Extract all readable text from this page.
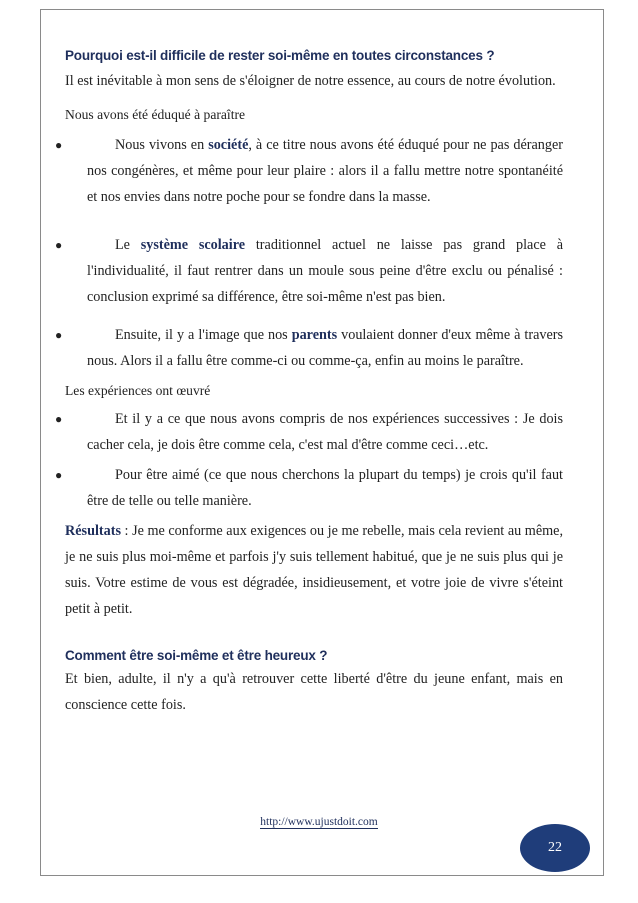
Pourquoi est-il difficile de rester soi-même en toutes circonstances ?

Il est inévitable à mon sens de s'éloigner de notre essence, au cours de notre évolution.

Nous avons été éduqué à paraître
●	Nous vivons en société, à ce titre nous avons été éduqué pour ne pas déranger nos congénères, et même pour leur plaire : alors il a fallu mettre notre spontanéité et nos envies dans notre poche pour se fondre dans la masse.
●	Le système scolaire traditionnel actuel ne laisse pas grand place à l'individualité, il faut rentrer dans un moule sous peine d'être exclu ou pénalisé : conclusion exprimé sa différence, être soi-même n'est pas bien.
●	Ensuite, il y a l'image que nos parents voulaient donner d'eux même à travers nous. Alors il a fallu être comme-ci ou comme-ça, enfin au moins le paraître.
Les expériences ont œuvré
●	Et il y a ce que nous avons compris de nos expériences successives : Je dois cacher cela, je dois être comme cela, c'est mal d'être comme ceci…etc.
●	Pour être aimé (ce que nous cherchons la plupart du temps) je crois qu'il faut être de telle ou telle manière.

Résultats : Je me conforme aux exigences ou je me rebelle, mais cela revient au même, je ne suis plus moi-même et parfois j'y suis tellement habitué, que je ne suis plus qui je suis. Votre estime de vous est dégradée, insidieusement, et votre joie de vivre s'éteint petit à petit.

Comment être soi-même et être heureux ?

Et bien, adulte, il n'y a qu'à retrouver cette liberté d'être du jeune enfant, mais en conscience cette fois.

http://www.ujustdoit.com
22
